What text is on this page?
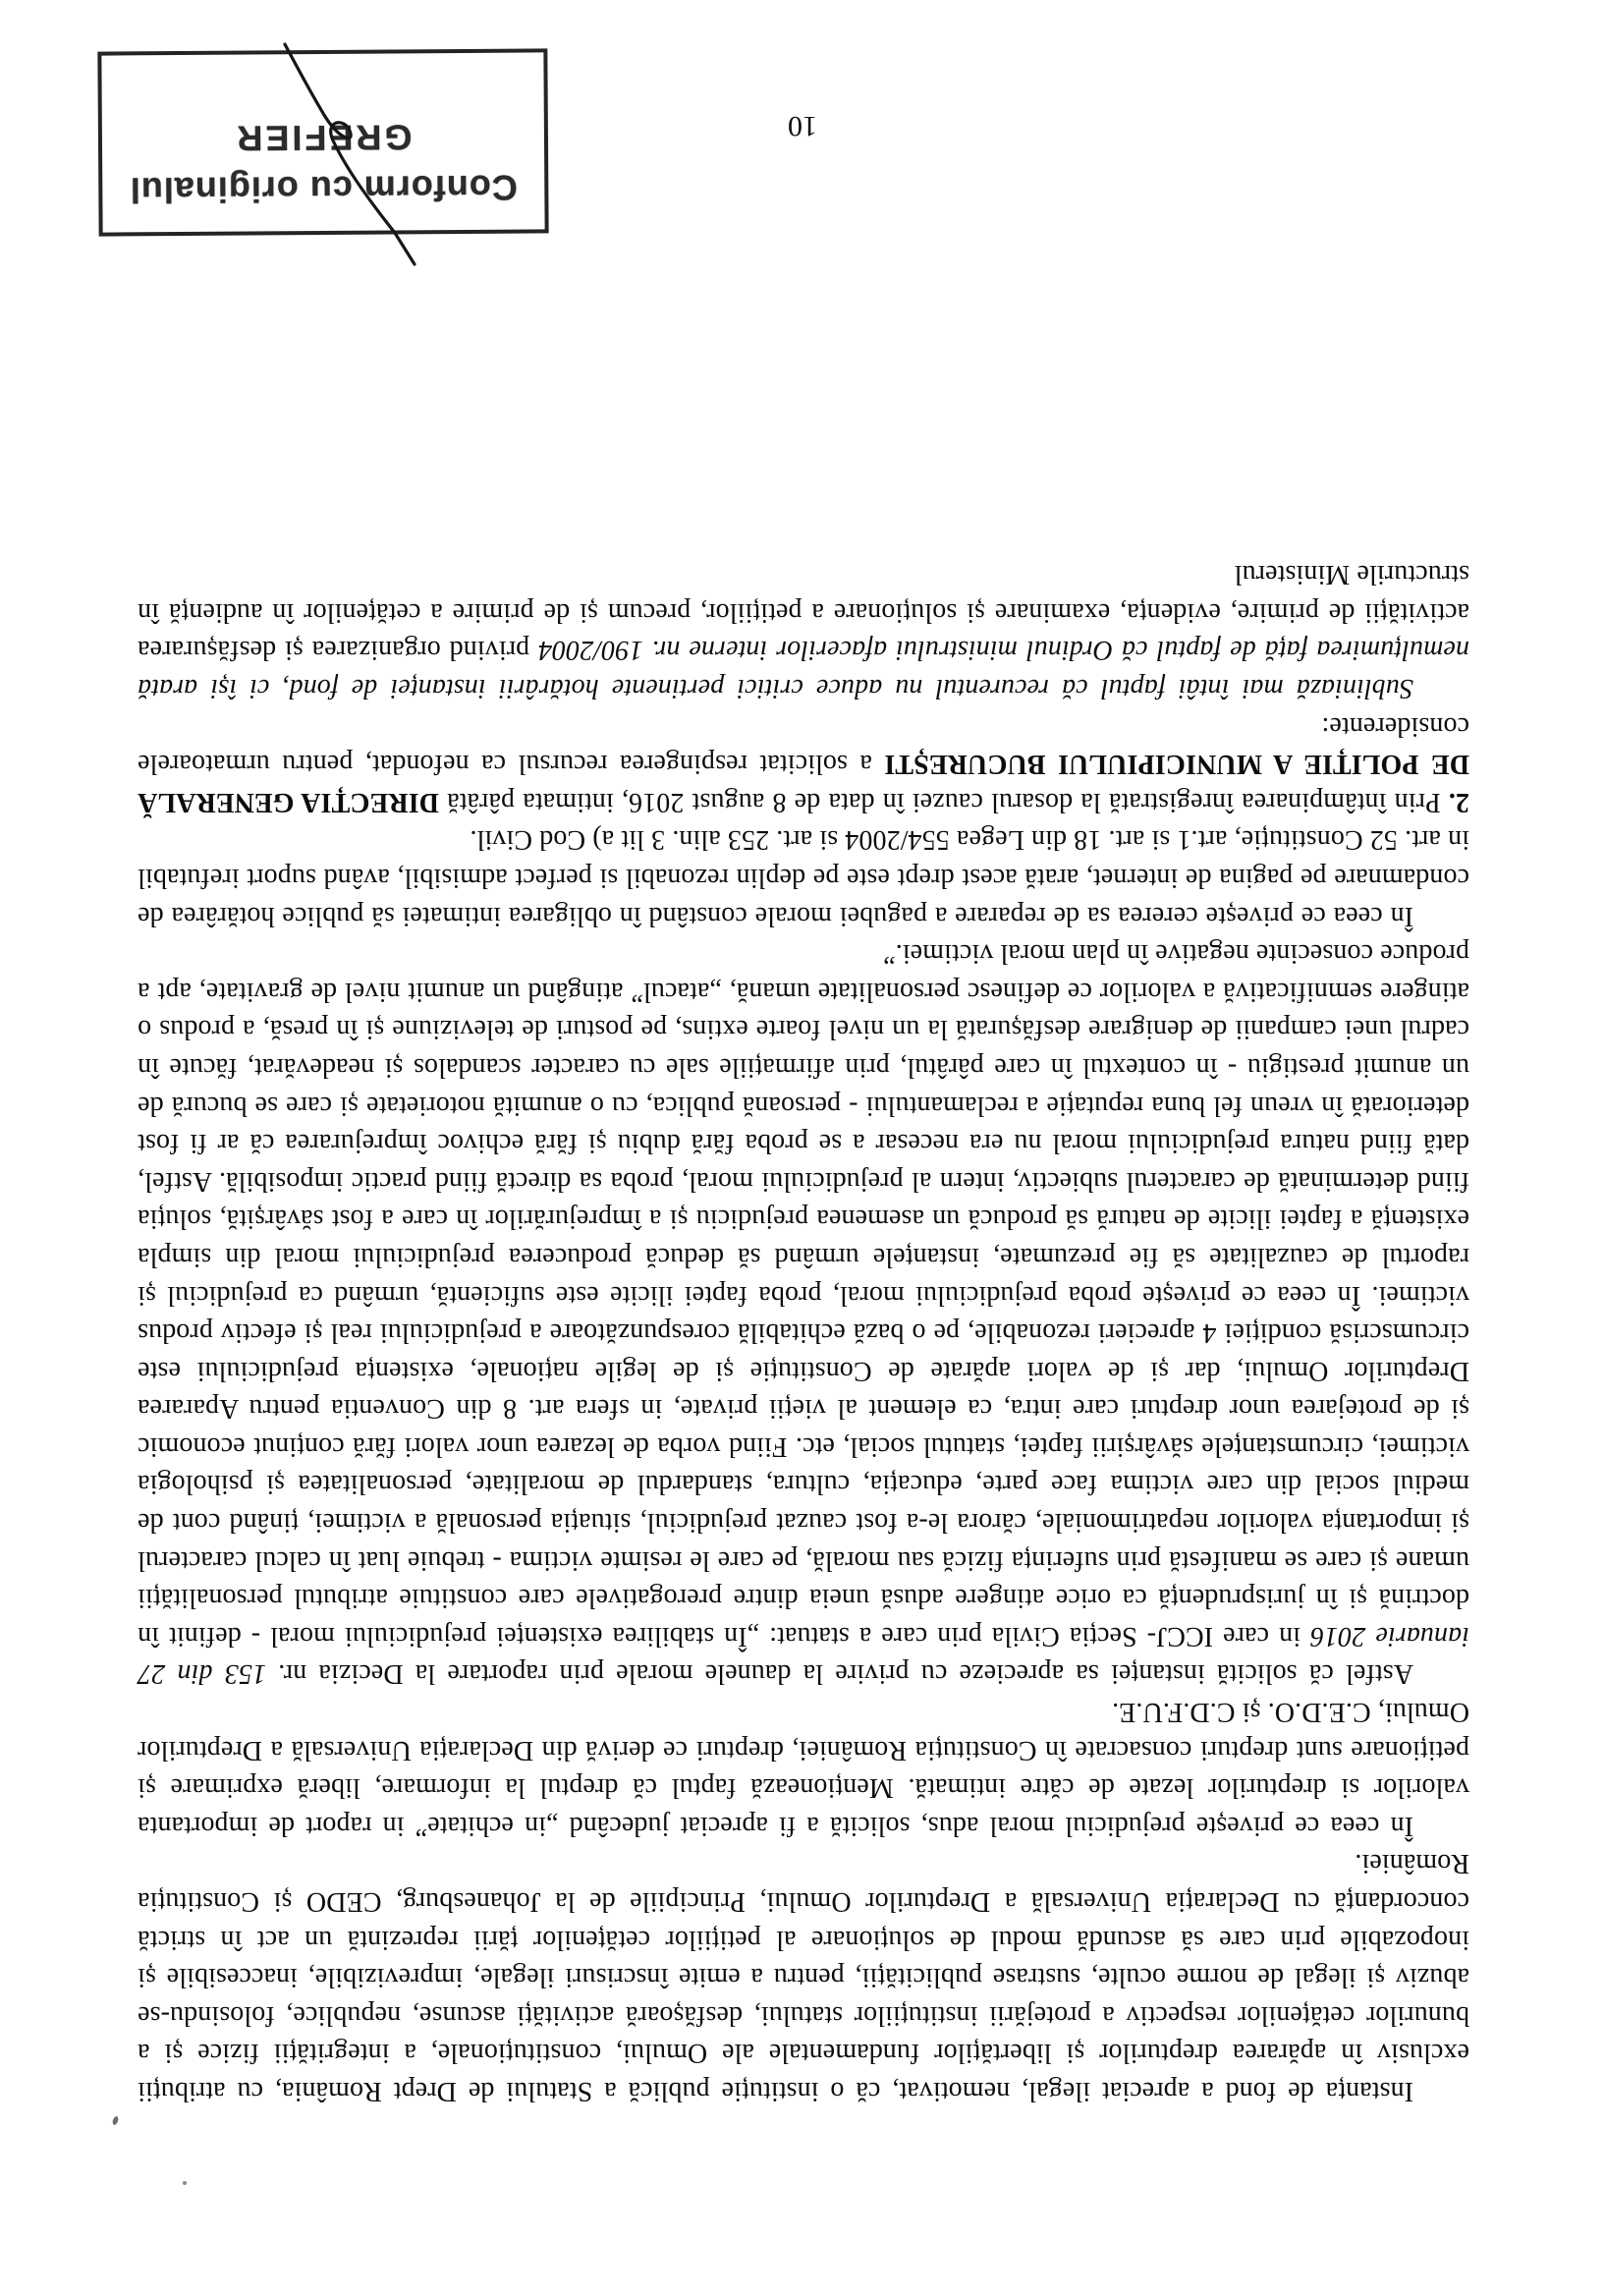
Instanța de fond a apreciat ilegal, nemotivat, că o instituție publică a Statului de Drept România, cu atribuții exclusiv în apărarea drepturilor și libertăților fundamentale ale Omului, constituționale, a integrității fizice și a bunurilor cetățenilor respectiv a protejării instituțiilor statului, desfășoară activități ascunse, nepublice, folosindu-se abuziv și ilegal de norme oculte, sustrase publicității, pentru a emite înscrisuri ilegale, imprevizibile, inaccesibile și inopozabile prin care să ascundă modul de soluționare al petițiilor cetățenilor țării reprezintă un act în strictă concordanță cu Declarația Universală a Drepturilor Omului, Principiile de la Johanesburg, CEDO și Constituția României.

În ceea ce privește prejudiciul moral adus, solicită a fi apreciat judecând „in echitate” in raport de importanta valorilor si drepturilor lezate de către intimată. Menționează faptul că dreptul la informare, liberă exprimare și petiționare sunt drepturi consacrate în Constituția României, drepturi ce derivă din Declarația Universală a Drepturilor Omului, C.E.D.O. și C.D.F.U.E.

Astfel că solicită instanței sa aprecieze cu privire la daunele morale prin raportare la Decizia nr. 153 din 27 ianuarie 2016 in care ICCJ- Secția Civila prin care a statuat: „În stabilirea existenței prejudiciului moral - definit în doctrină și în jurisprudență ca orice atingere adusă uneia dintre prerogativele care constituie atributul personalității umane și care se manifestă prin suferința fizică sau morală, pe care le resimte victima - trebuie luat în calcul caracterul și importanța valorilor nepatrimoniale, cărora le-a fost cauzat prejudiciul, situația personală a victimei, ținând cont de mediul social din care victima face parte, educația, cultura, standardul de moralitate, personalitatea și psihologia victimei, circumstanțele săvârșirii faptei, statutul social, etc. Fiind vorba de lezarea unor valori fără conținut economic și de protejarea unor drepturi care intra, ca element al vieții private, in sfera art. 8 din Conventia pentru Apararea Drepturilor Omului, dar și de valori apărate de Constituție și de legile naționale, existența prejudiciului este circumscrisă condiției 4 aprecieri rezonabile, pe o bază echitabilă corespunzătoare a prejudiciului real și efectiv produs victimei. În ceea ce privește proba prejudiciului moral, proba faptei ilicite este suficientă, urmând ca prejudiciul și raportul de cauzalitate să fie prezumate, instanțele urmând să deducă producerea prejudiciului moral din simpla existență a faptei ilicite de natură să producă un asemenea prejudiciu și a împrejurărilor în care a fost săvârșită, soluția fiind determinată de caracterul subiectiv, intern al prejudiciului moral, proba sa directă fiind practic imposibilă. Astfel, dată fiind natura prejudiciului moral nu era necesar a se proba fără dubiu și fără echivoc împrejurarea că ar fi fost deteriorată în vreun fel buna reputație a reclamantului - persoană publica, cu o anumită notorietate și care se bucură de un anumit prestigiu - în contextul în care pârâtul, prin afirmațiile sale cu caracter scandalos și neadevărat, făcute în cadrul unei campanii de denigrare desfășurată la un nivel foarte extins, pe posturi de televiziune și în presă, a produs o atingere semnificativă a valorilor ce definesc personalitate umană, „atacul” atingând un anumit nivel de gravitate, apt a produce consecinte negative în plan moral victimei.”

În ceea ce privește cererea sa de reparare a pagubei morale constând în obligarea intimatei să publice hotărârea de condamnare pe pagina de internet, arată acest drept este pe deplin rezonabil si perfect admisibil, având suport irefutabil in art. 52 Constituție, art.1 si art. 18 din Legea 554/2004 si art. 253 alin. 3 lit a) Cod Civil.

2. Prin întâmpinarea înregistrată la dosarul cauzei în data de 8 august 2016, intimata pârâtă DIRECȚIA GENERALĂ DE POLIȚIE A MUNICIPIULUI BUCUREȘTI a solicitat respingerea recursul ca nefondat, pentru urmatoarele considerente:

Subliniază mai întâi faptul că recurentul nu aduce critici pertinente hotărârii instanței de fond, ci își arată nemulțumirea față de faptul că Ordinul ministrului afacerilor interne nr. 190/2004 privind organizarea și desfășurarea activității de primire, evidența, examinare și soluționare a petițiilor, precum și de primire a cetățenilor în audiență în structurile Ministerul

10
Conform cu originalul
GREFIER
